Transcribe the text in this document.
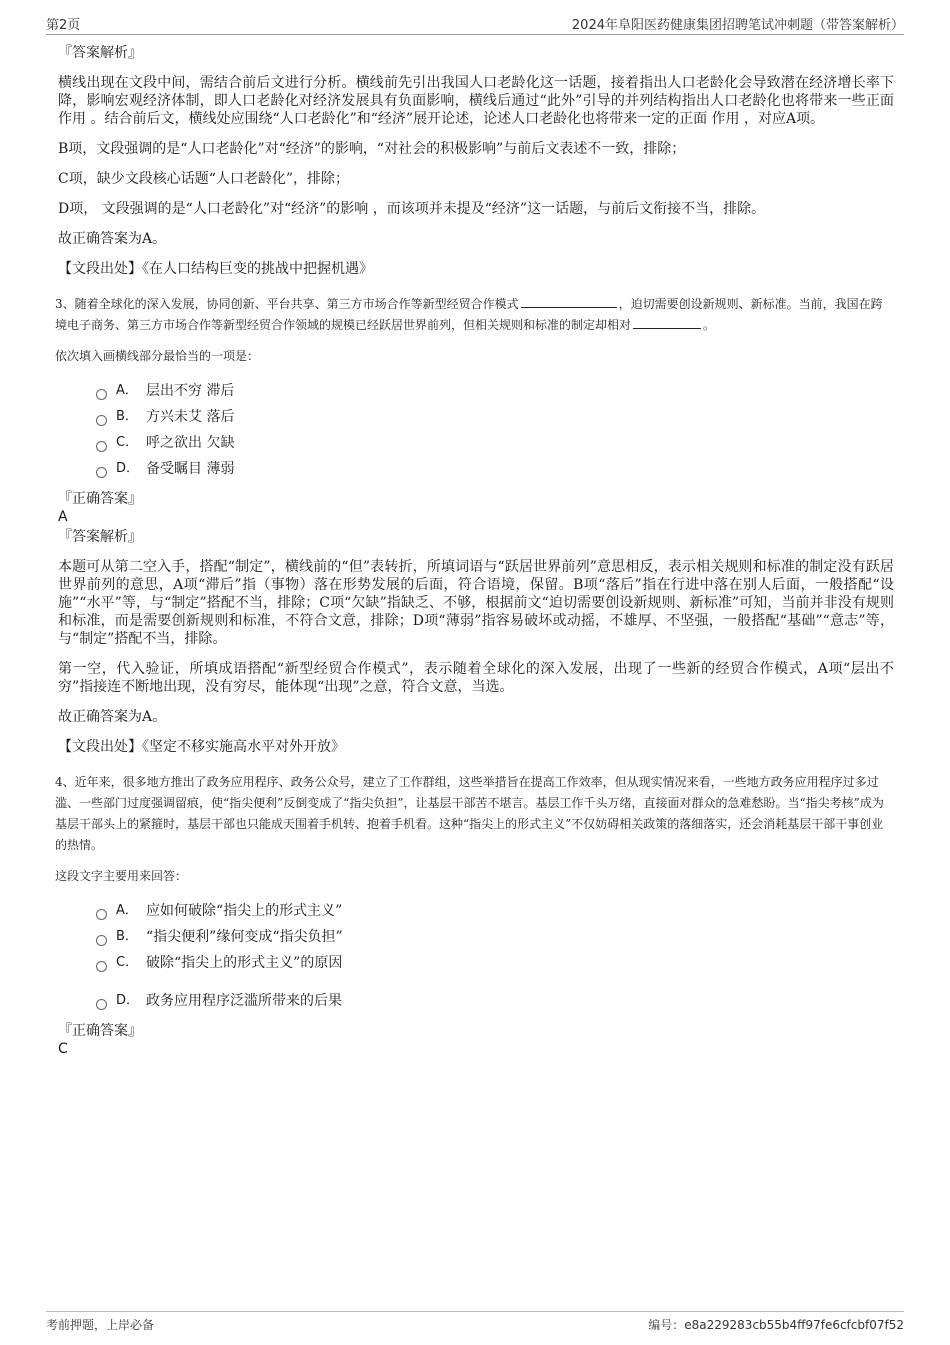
第2页	2024年阜阳医药健康集团招聘笔试冲刺题（带答案解析）
『答案解析』

横线出现在文段中间，需结合前后文进行分析。横线前先引出我国人口老龄化这一话题，接着指出人口老龄化会导致潜在经济增长率下降，影响宏观经济体制，即人口老龄化对经济发展具有负面影响，横线后通过“此外”引导的并列结构指出人口老龄化也将带来一些正面 作用 。结合前后文，横线处应围绕“人口老龄化”和“经济”展开论述，论述人口老龄化也将带来一定的正面 作用 ，对应A项。

B项，文段强调的是“人口老龄化”对“经济”的影响，“对社会的积极影响”与前后文表述不一致，排除；

C项，缺少文段核心话题“人口老龄化”，排除；

D项， 文段强调的是“人口老龄化”对“经济”的影响 ，而该项并未提及“经济”这一话题，与前后文衔接不当，排除。

故正确答案为A。

【文段出处】《在人口结构巨变的挑战中把握机遇》

3、随着全球化的深入发展，协同创新、平台共享、第三方市场合作等新型经贸合作模式	，迫切需要创设新规则、新标准。当前，我国在跨境电子商务、第三方市场合作等新型经贸合作领域的规模已经跃居世界前列，但相关规则和标准的制定却相对	。
依次填入画横线部分最恰当的一项是：
A． 层出不穷 滞后
B． 方兴未艾 落后
C． 呼之欲出 欠缺
D． 备受瞩目 薄弱
『正确答案』
A
『答案解析』

本题可从第二空入手，搭配“制定”，横线前的“但”表转折，所填词语与“跃居世界前列”意思相反，表示相关规则和标准的制定没有跃居世界前列的意思，A项“滞后”指（事物）落在形势发展的后面，符合语境，保留。B项“落后”指在行进中落在别人后面，一般搭配“设施”“水平”等，与“制定”搭配不当，排除；C项“欠缺”指缺乏、不够，根据前文“迫切需要创设新规则、新标准”可知，当前并非没有规则和标准，而是需要创新规则和标准，不符合文意，排除；D项“薄弱”指容易破坏或动摇，不雄厚、不坚强，一般搭配“基础”“意志”等，与“制定”搭配不当，排除。

第一空，代入验证，所填成语搭配“新型经贸合作模式”，表示随着全球化的深入发展，出现了一些新的经贸合作模式，A项“层出不穷”指接连不断地出现，没有穷尽，能体现“出现”之意，符合文意，当选。

故正确答案为A。

【文段出处】《坚定不移实施高水平对外开放》

4、近年来，很多地方推出了政务应用程序、政务公众号，建立了工作群组，这些举措旨在提高工作效率，但从现实情况来看，一些地方政务应用程序过多过滥、一些部门过度强调留痕，使“指尖便利”反倒变成了“指尖负担”，让基层干部苦不堪言。基层工作千头万绪，直接面对群众的急难愁盼。当“指尖考核”成为基层干部头上的紧箍时，基层干部也只能成天围着手机转、抱着手机看。这种“指尖上的形式主义”不仅妨碍相关政策的落细落实，还会消耗基层干部干事创业的热情。
这段文字主要用来回答：
A． 应如何破除“指尖上的形式主义”
B． “指尖便利”缘何变成“指尖负担”
C． 破除“指尖上的形式主义”的原因
D． 政务应用程序泛滥所带来的后果
『正确答案』
C
考前押题，上岸必备	编号：e8a229283cb55b4ff97fe6cfcbf07f52
